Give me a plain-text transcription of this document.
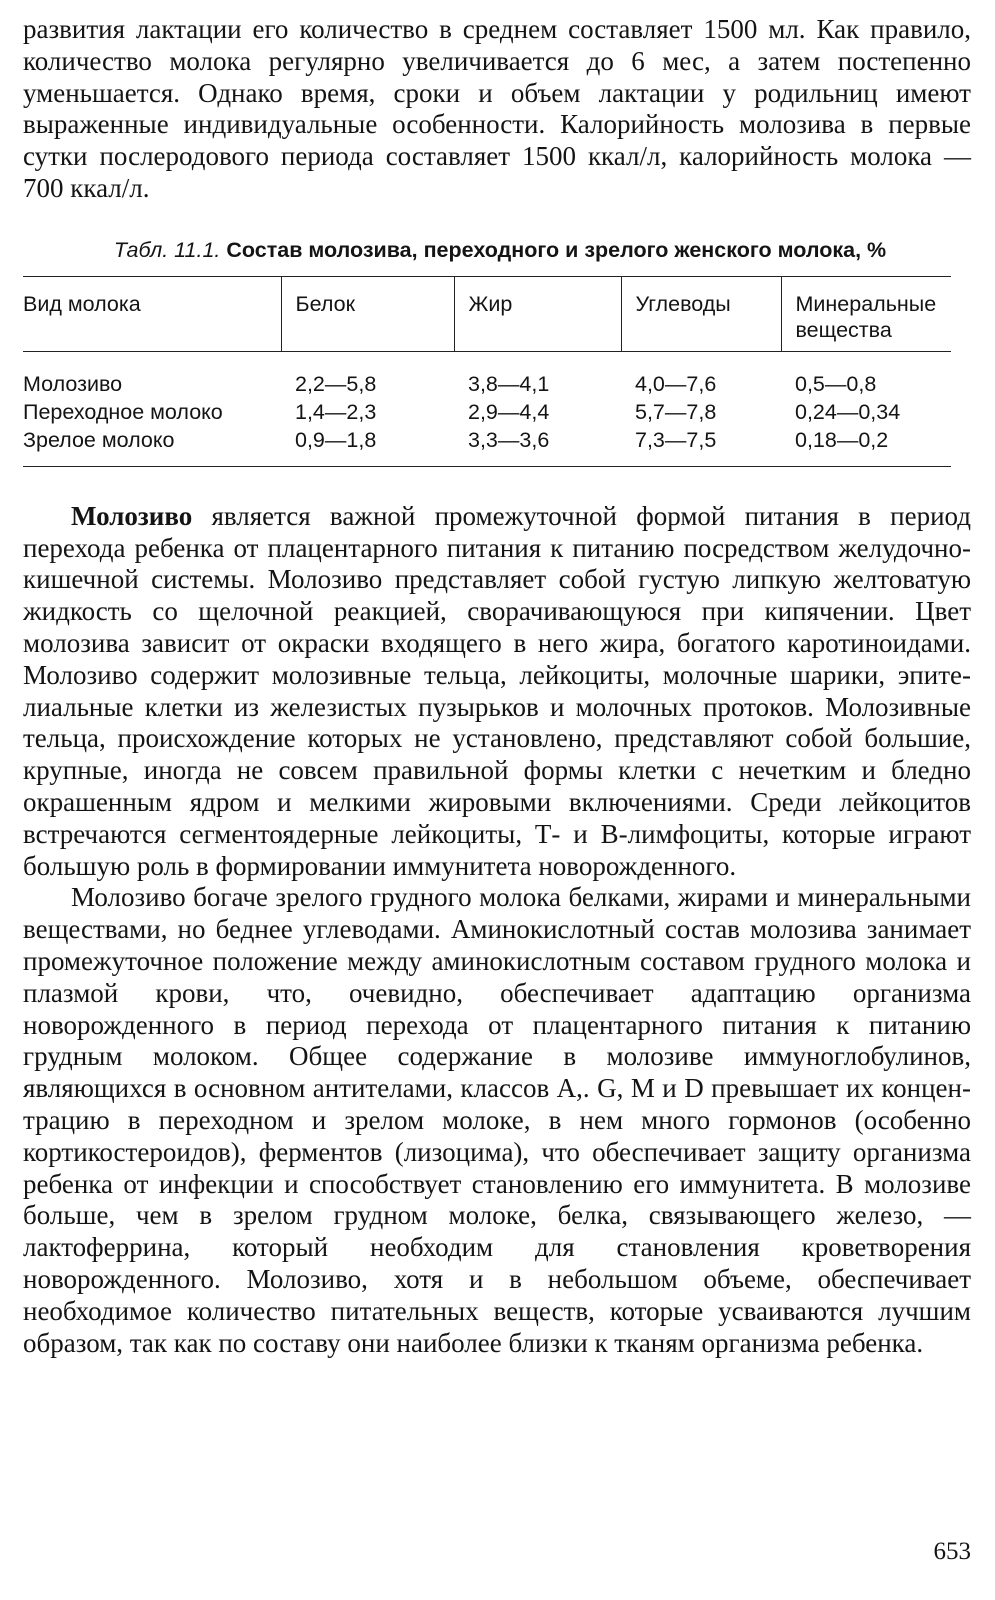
развития лактации его количество в среднем составляет 1500 мл. Как правило, количество молока регулярно увеличивается до 6 мес, а затем постепенно уменьшается. Однако время, сроки и объем лактации у родильниц имеют выраженные индивидуальные особенности. Калорийность молозива в первые сутки послеродового периода составляет 1500 ккал/л, калорийность молока — 700 ккал/л.

Табл. 11.1. Состав молозива, переходного и зрелого женского молока, %
Вид молока	Белок	Жир	Углеводы	Минеральные вещества
Молозиво	2,2—5,8	3,8—4,1	4,0—7,6	0,5—0,8
Переходное молоко	1,4—2,3	2,9—4,4	5,7—7,8	0,24—0,34
Зрелое молоко	0,9—1,8	3,3—3,6	7,3—7,5	0,18—0,2

Молозиво является важной промежуточной формой питания в период перехода ребенка от плацентарного питания к питанию посредством желудочно-кишечной системы. Молозиво представляет собой густую липкую желтоватую жидкость со щелочной реакцией, сворачивающуюся при кипячении. Цвет молозива зависит от окраски входящего в него жира, богатого каротиноидами. Молозиво содержит молозивные тельца, лейкоциты, молочные шарики, эпителиальные клетки из железистых пузырьков и молочных протоков. Молозивные тельца, происхождение которых не установлено, представляют собой большие, крупные, иногда не совсем правильной формы клетки с нечетким и бледно окрашенным ядром и мелкими жировыми включениями. Среди лейкоцитов встречаются сегментоядерные лейкоциты, Т- и В-лимфоциты, которые играют большую роль в формировании иммунитета новорожденного.

Молозиво богаче зрелого грудного молока белками, жирами и минеральными веществами, но беднее углеводами. Аминокислотный состав молозива занимает промежуточное положение между аминокислотным составом грудного молока и плазмой крови, что, очевидно, обеспечивает адаптацию организма новорожденного в период перехода от плацентарного питания к питанию грудным молоком. Общее содержание в молозиве иммуноглобулинов, являющихся в основном антителами, классов А,. G, М и D превышает их концентрацию в переходном и зрелом молоке, в нем много гормонов (особенно кортикостероидов), ферментов (лизоцима), что обеспечивает защиту организма ребенка от инфекции и способствует становлению его иммунитета. В молозиве больше, чем в зрелом грудном молоке, белка, связывающего железо, — лактоферрина, который необходим для становления кроветворения новорожденного. Молозиво, хотя и в небольшом объеме, обеспечивает необходимое количество питательных веществ, которые усваиваются лучшим образом, так как по составу они наиболее близки к тканям организма ребенка.

653
